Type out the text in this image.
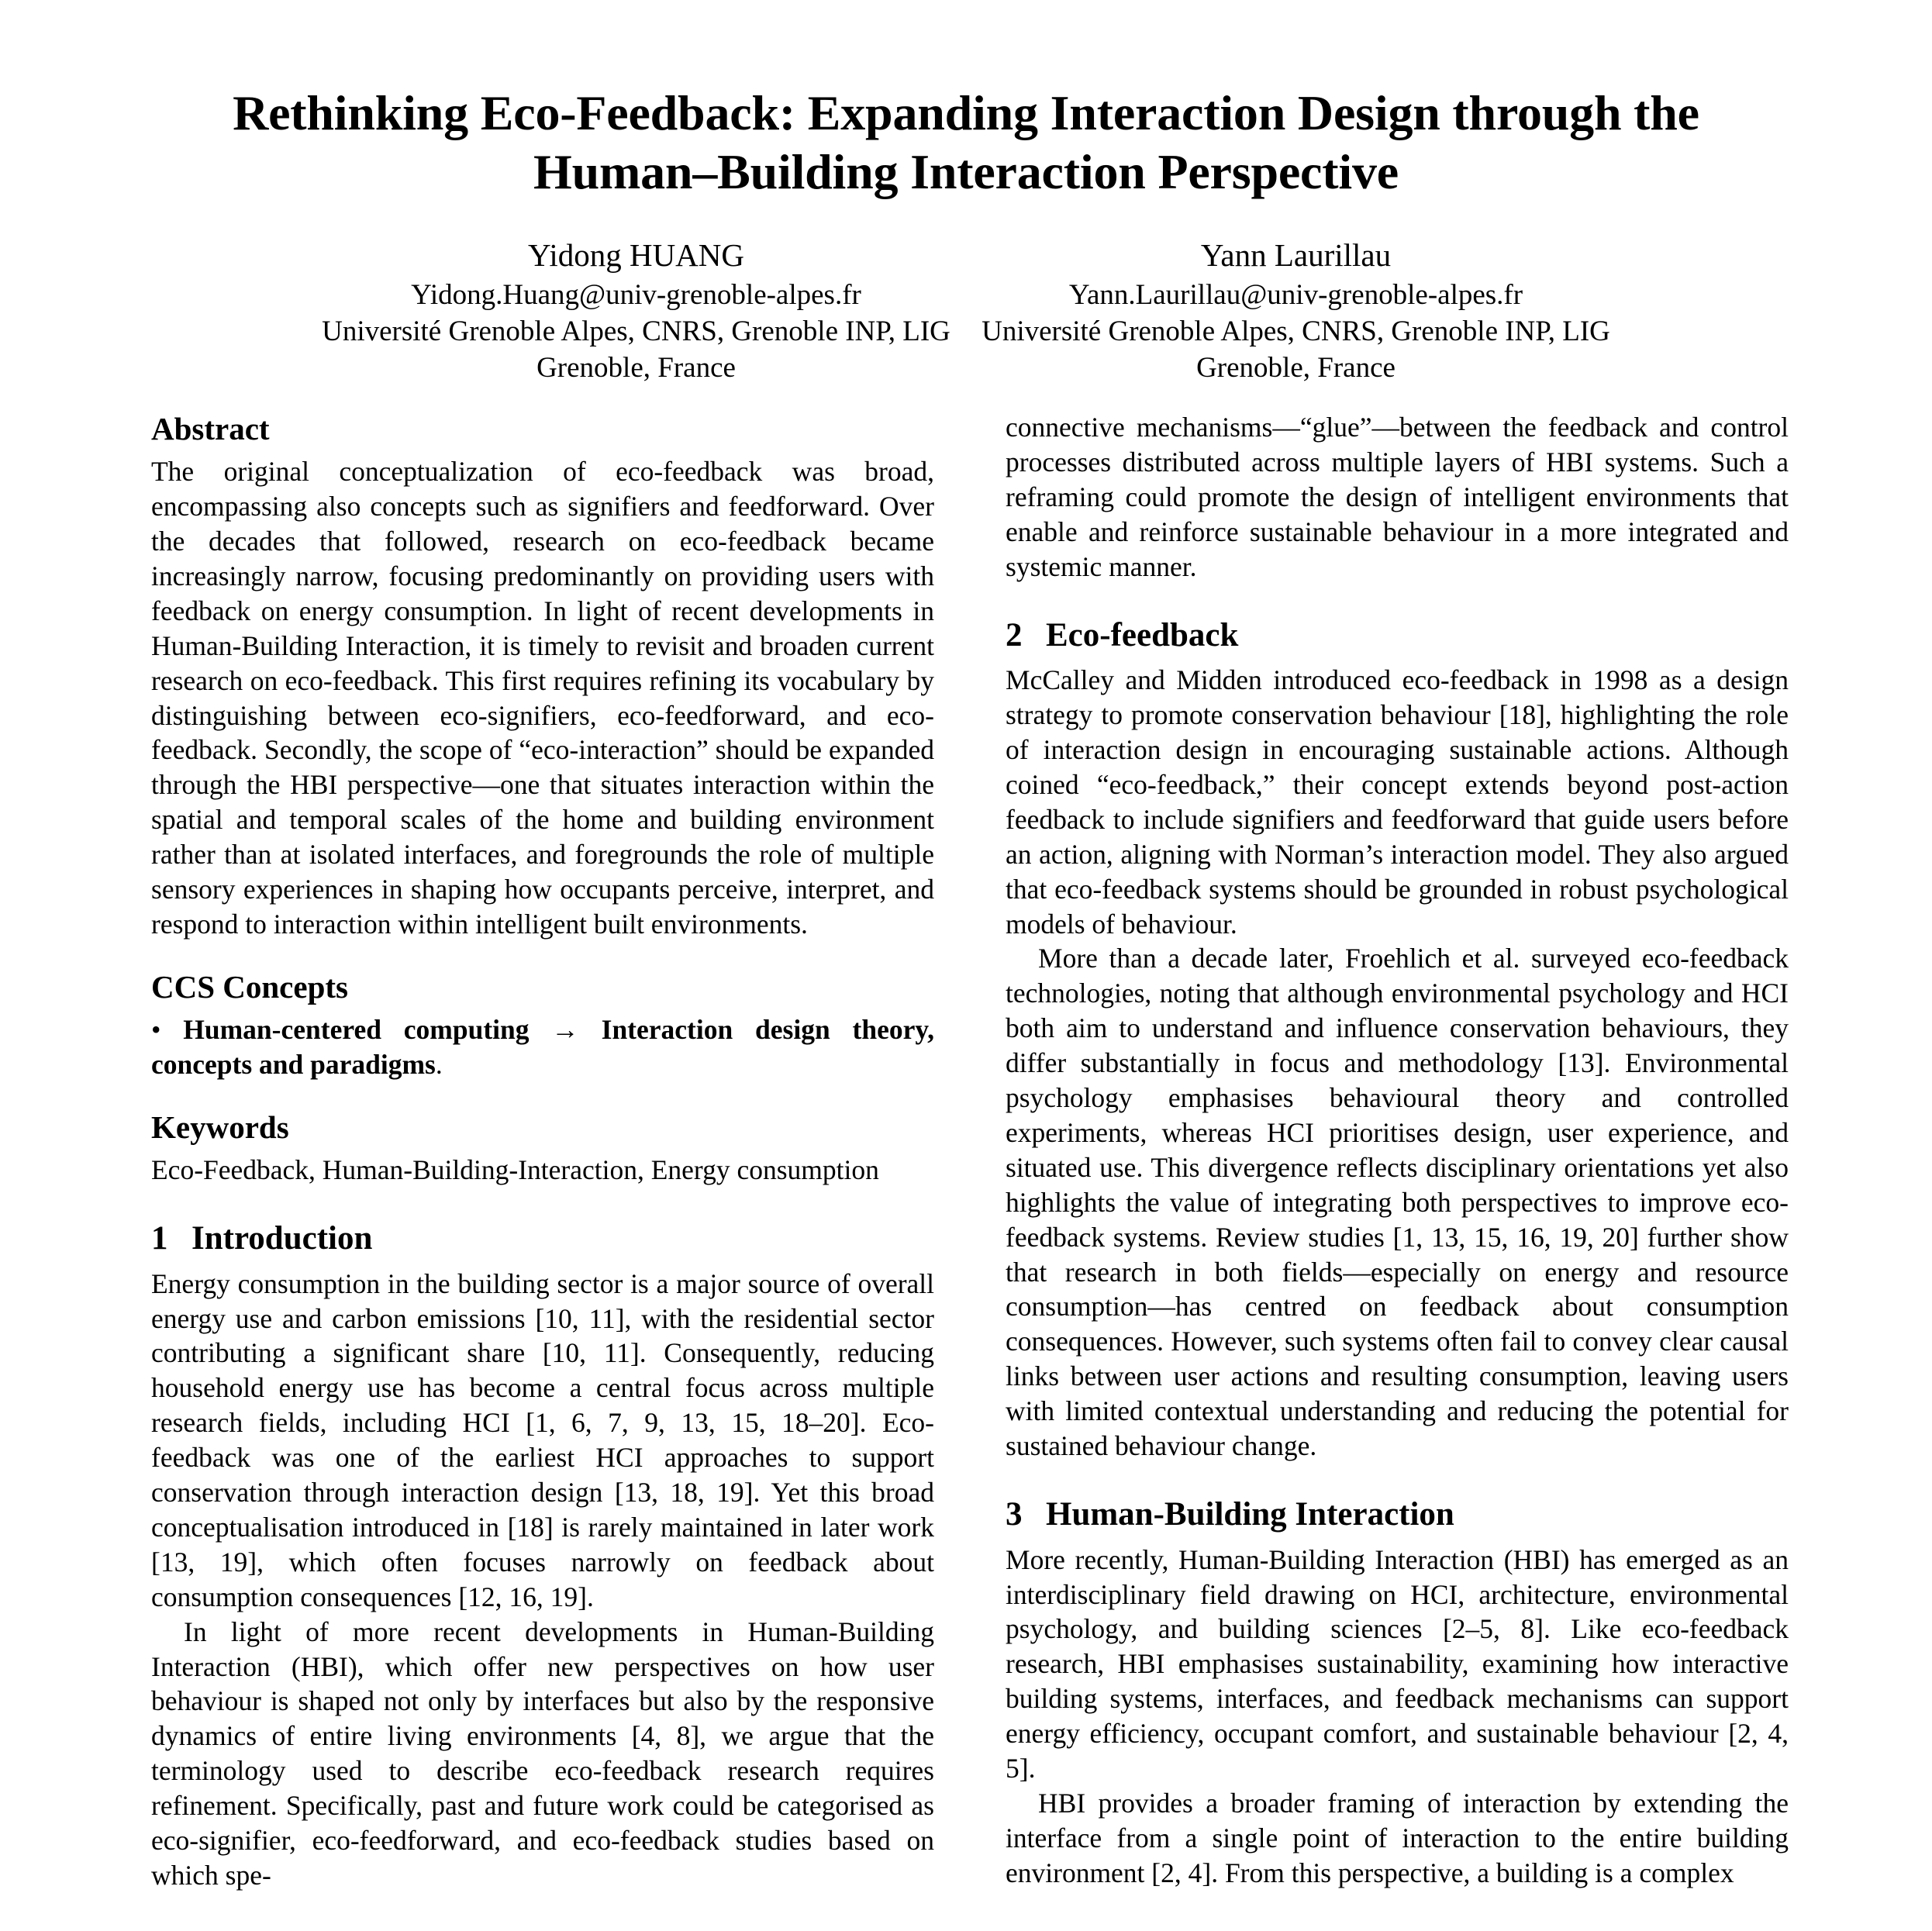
Rethinking Eco-Feedback: Expanding Interaction Design through the Human–Building Interaction Perspective
Yidong HUANG
Yidong.Huang@univ-grenoble-alpes.fr
Université Grenoble Alpes, CNRS, Grenoble INP, LIG
Grenoble, France
Yann Laurillau
Yann.Laurillau@univ-grenoble-alpes.fr
Université Grenoble Alpes, CNRS, Grenoble INP, LIG
Grenoble, France
Abstract

The original conceptualization of eco-feedback was broad, encompassing also concepts such as signifiers and feedforward. Over the decades that followed, research on eco-feedback became increasingly narrow, focusing predominantly on providing users with feedback on energy consumption. In light of recent developments in Human-Building Interaction, it is timely to revisit and broaden current research on eco-feedback. This first requires refining its vocabulary by distinguishing between eco-signifiers, eco-feedforward, and eco-feedback. Secondly, the scope of “eco-interaction” should be expanded through the HBI perspective—one that situates interaction within the spatial and temporal scales of the home and building environment rather than at isolated interfaces, and foregrounds the role of multiple sensory experiences in shaping how occupants perceive, interpret, and respond to interaction within intelligent built environments.

CCS Concepts

• Human-centered computing → Interaction design theory, concepts and paradigms.

Keywords

Eco-Feedback, Human-Building-Interaction, Energy consumption

1 Introduction

Energy consumption in the building sector is a major source of overall energy use and carbon emissions [10, 11], with the residential sector contributing a significant share [10, 11]. Consequently, reducing household energy use has become a central focus across multiple research fields, including HCI [1, 6, 7, 9, 13, 15, 18–20]. Eco-feedback was one of the earliest HCI approaches to support conservation through interaction design [13, 18, 19]. Yet this broad conceptualisation introduced in [18] is rarely maintained in later work [13, 19], which often focuses narrowly on feedback about consumption consequences [12, 16, 19].

In light of more recent developments in Human-Building Interaction (HBI), which offer new perspectives on how user behaviour is shaped not only by interfaces but also by the responsive dynamics of entire living environments [4, 8], we argue that the terminology used to describe eco-feedback research requires refinement. Specifically, past and future work could be categorised as eco-signifier, eco-feedforward, and eco-feedback studies based on which spe-

connective mechanisms—“glue”—between the feedback and control processes distributed across multiple layers of HBI systems. Such a reframing could promote the design of intelligent environments that enable and reinforce sustainable behaviour in a more integrated and systemic manner.

2 Eco-feedback

McCalley and Midden introduced eco-feedback in 1998 as a design strategy to promote conservation behaviour [18], highlighting the role of interaction design in encouraging sustainable actions. Although coined “eco-feedback,” their concept extends beyond post-action feedback to include signifiers and feedforward that guide users before an action, aligning with Norman’s interaction model. They also argued that eco-feedback systems should be grounded in robust psychological models of behaviour.

More than a decade later, Froehlich et al. surveyed eco-feedback technologies, noting that although environmental psychology and HCI both aim to understand and influence conservation behaviours, they differ substantially in focus and methodology [13]. Environmental psychology emphasises behavioural theory and controlled experiments, whereas HCI prioritises design, user experience, and situated use. This divergence reflects disciplinary orientations yet also highlights the value of integrating both perspectives to improve eco-feedback systems. Review studies [1, 13, 15, 16, 19, 20] further show that research in both fields—especially on energy and resource consumption—has centred on feedback about consumption consequences. However, such systems often fail to convey clear causal links between user actions and resulting consumption, leaving users with limited contextual understanding and reducing the potential for sustained behaviour change.

3 Human-Building Interaction

More recently, Human-Building Interaction (HBI) has emerged as an interdisciplinary field drawing on HCI, architecture, environmental psychology, and building sciences [2–5, 8]. Like eco-feedback research, HBI emphasises sustainability, examining how interactive building systems, interfaces, and feedback mechanisms can support energy efficiency, occupant comfort, and sustainable behaviour [2, 4, 5].

HBI provides a broader framing of interaction by extending the interface from a single point of interaction to the entire building environment [2, 4]. From this perspective, a building is a complex
